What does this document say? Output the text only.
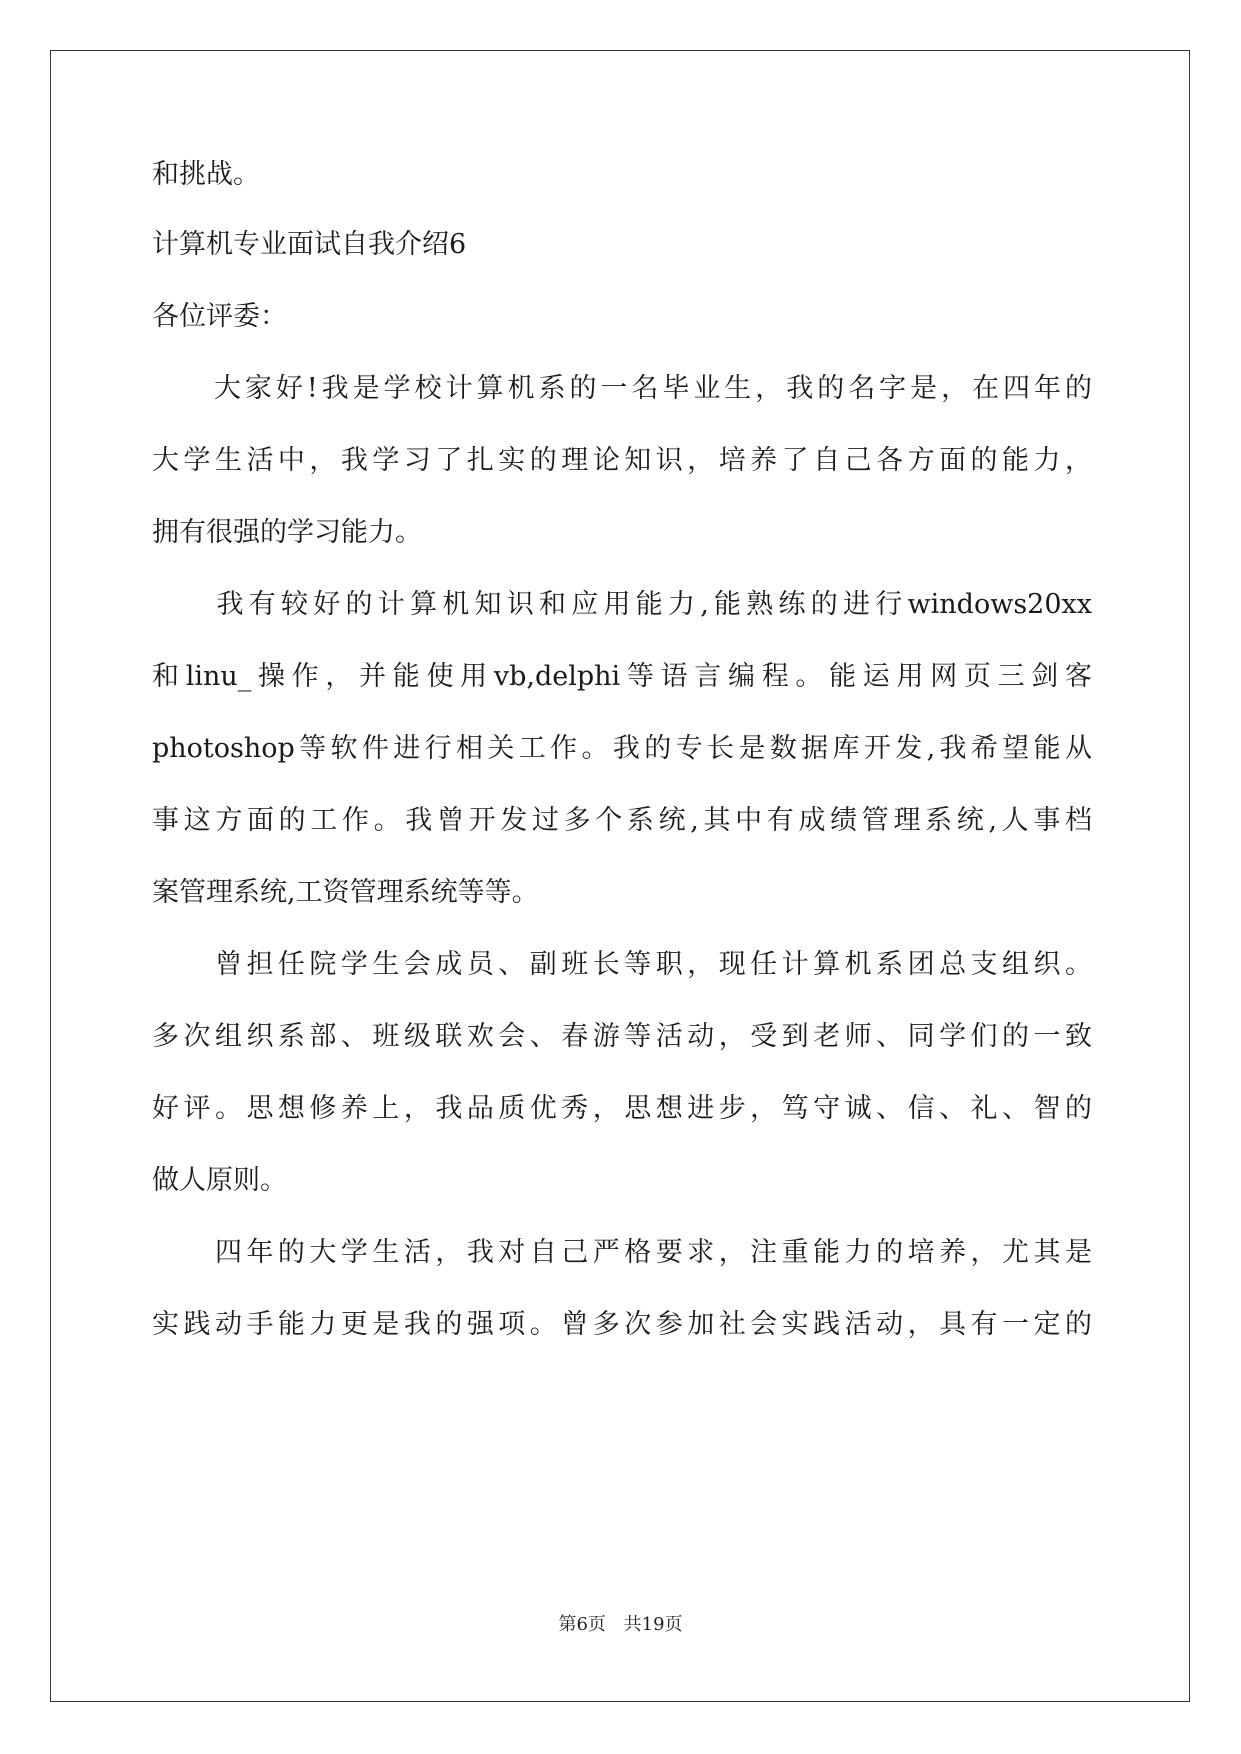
和挑战。
计算机专业面试自我介绍6
各位评委：
　　大家好!我是学校计算机系的一名毕业生，我的名字是，在四年的
大学生活中，我学习了扎实的理论知识，培养了自己各方面的能力，
拥有很强的学习能力。
　　我有较好的计算机知识和应用能力,能熟练的进行windows20xx
和linu_操作，并能使用vb,delphi等语言编程。能运用网页三剑客
photoshop等软件进行相关工作。我的专长是数据库开发,我希望能从
事这方面的工作。我曾开发过多个系统,其中有成绩管理系统,人事档
案管理系统,工资管理系统等等。
　　曾担任院学生会成员、副班长等职，现任计算机系团总支组织。
多次组织系部、班级联欢会、春游等活动，受到老师、同学们的一致
好评。思想修养上，我品质优秀，思想进步，笃守诚、信、礼、智的
做人原则。
　　四年的大学生活，我对自己严格要求，注重能力的培养，尤其是
实践动手能力更是我的强项。曾多次参加社会实践活动，具有一定的
第6页 共19页
